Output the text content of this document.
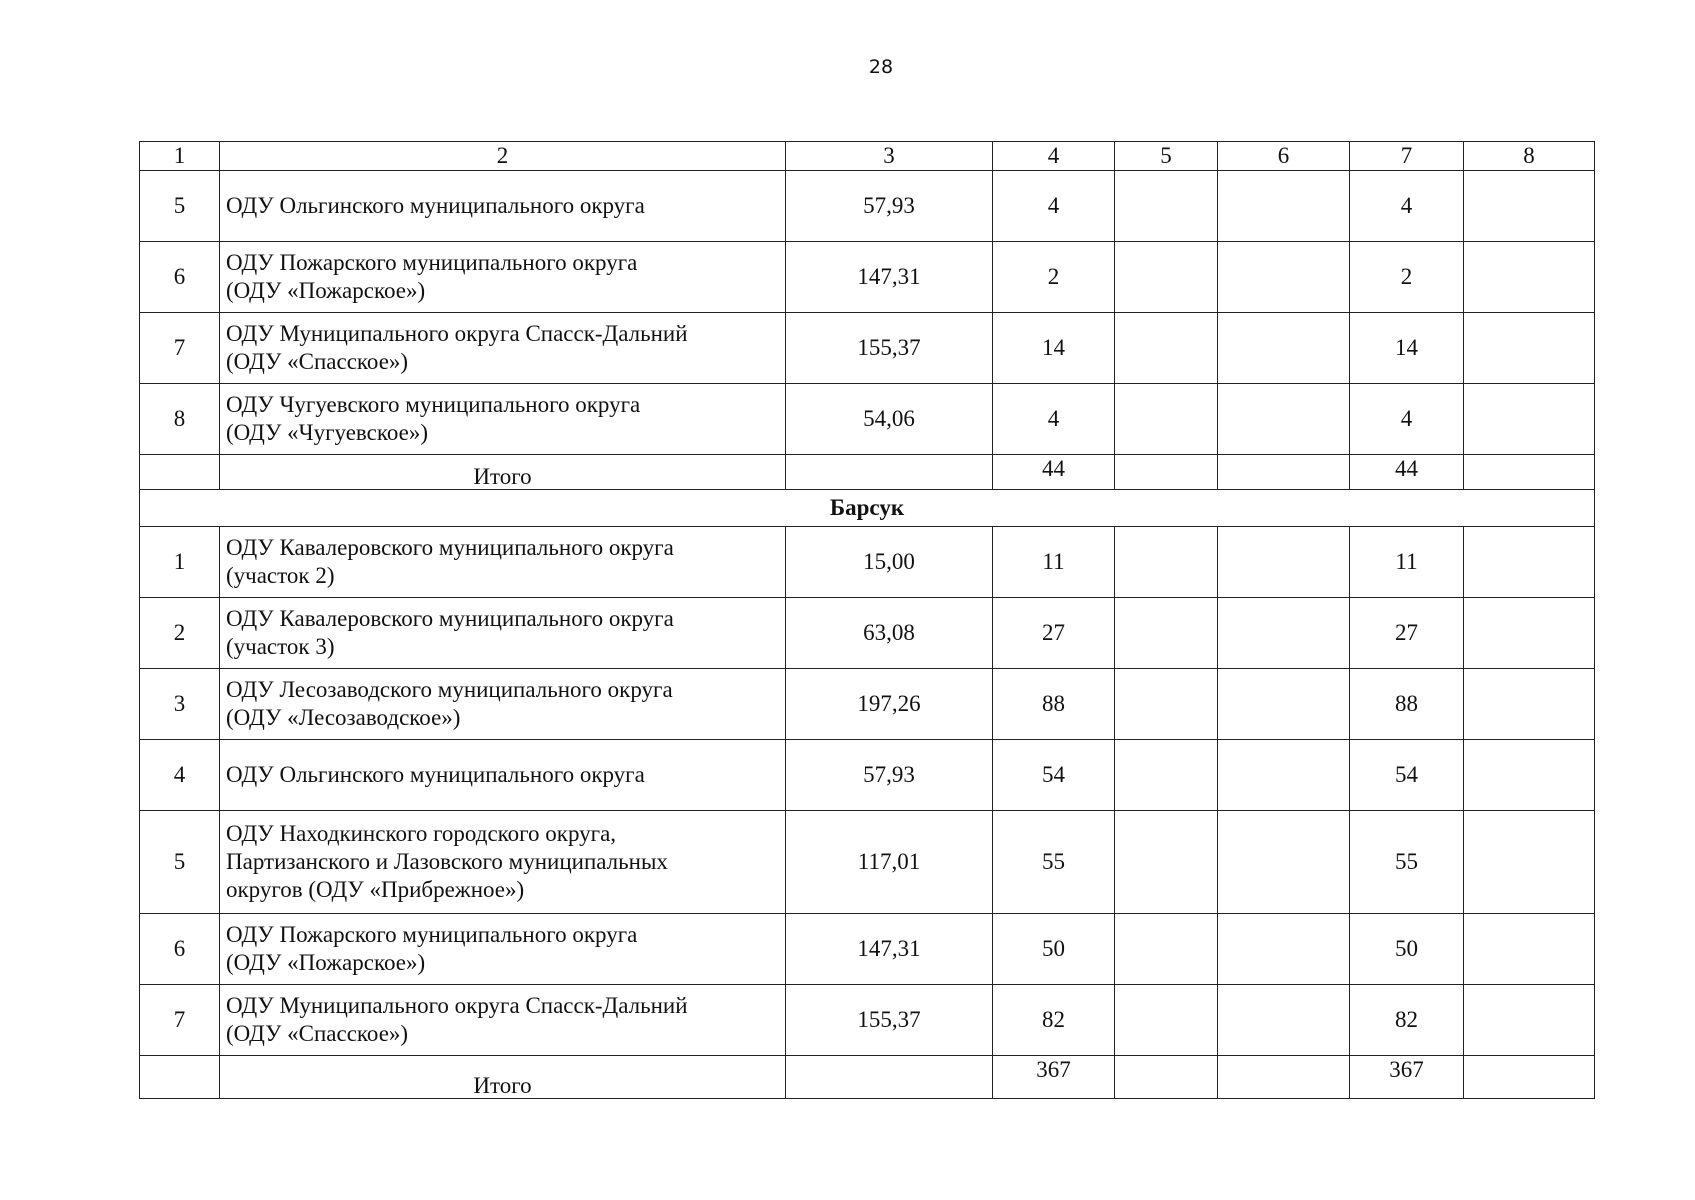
28
1	2	3	4	5	6	7	8
5	ОДУ Ольгинского муниципального округа	57,93	4			4	
6	ОДУ Пожарского муниципального округа
(ОДУ «Пожарское»)	147,31	2			2	
7	ОДУ Муниципального округа Спасск-Дальний
(ОДУ «Спасское»)	155,37	14			14	
8	ОДУ Чугуевского муниципального округа
(ОДУ «Чугуевское»)	54,06	4			4	
	Итого		44			44	
Барсук							
1	ОДУ Кавалеровского муниципального округа
(участок 2)	15,00	11			11	
2	ОДУ Кавалеровского муниципального округа
(участок 3)	63,08	27			27	
3	ОДУ Лесозаводского муниципального округа
(ОДУ «Лесозаводское»)	197,26	88			88	
4	ОДУ Ольгинского муниципального округа	57,93	54			54	
5	ОДУ Находкинского городского округа,
Партизанского и Лазовского муниципальных
округов (ОДУ «Прибрежное»)	117,01	55			55	
6	ОДУ Пожарского муниципального округа
(ОДУ «Пожарское»)	147,31	50			50	
7	ОДУ Муниципального округа Спасск-Дальний
(ОДУ «Спасское»)	155,37	82			82	
	Итого		367			367	
